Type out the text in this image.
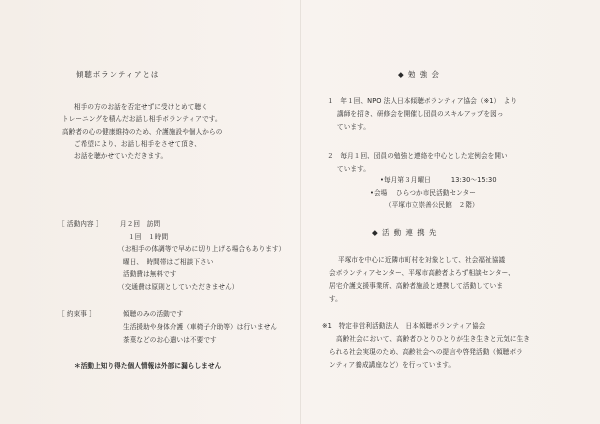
傾聴ボランティアとは
相手の方のお話を否定せずに受けとめて聴く
トレーニングを積んだお話し相手ボランティアです。
高齢者の心の健康維持のため、介護施設や個人からの
ご希望により、お話し相手をさせて頂き、
お話を聴かせていただきます。
［ 活動内容 ］	月２回　訪問
１回　１時間
（お相手の体調等で早めに切り上げる場合もあります）
曜日、　時間帯はご相談下さい
活動費は無料です
（交通費は原則としていただきません）
［ 約束事 ］	傾聴のみの活動です
生活援助や身体介護（車椅子介助等）は行いません
茶菓などのお心遣いは不要です
＊活動上知り得た個人情報は外部に漏らしません
◆ 勉 強 会
１　年１回、NPO 法人日本傾聴ボランティア協会（※1）　より
講師を招き、研修会を開催し団員のスキルアップを図っ
ています。
２　毎月１回、団員の勉強と連絡を中心とした定例会を開い
ています。
•毎月第３月曜日　　　13:30～15:30
•会場 ひらつか市民活動センター
（平塚市立崇善公民館　２階）
◆ 活 動 連 携 先
平塚市を中心に近隣市町村を対象として、社会福祉協議
会ボランティアセンター、平塚市高齢者よろず相談センター、
居宅介護支援事業所、高齢者施設と連携して活動していま
す。
※1　特定非営利活動法人　日本傾聴ボランティア協会
高齢社会において、高齢者ひとりひとりが生き生きと元気に生き
られる社会実現のため、高齢社会への提言や啓発活動（傾聴ボラ
ンティア養成講座など）を行っています。
